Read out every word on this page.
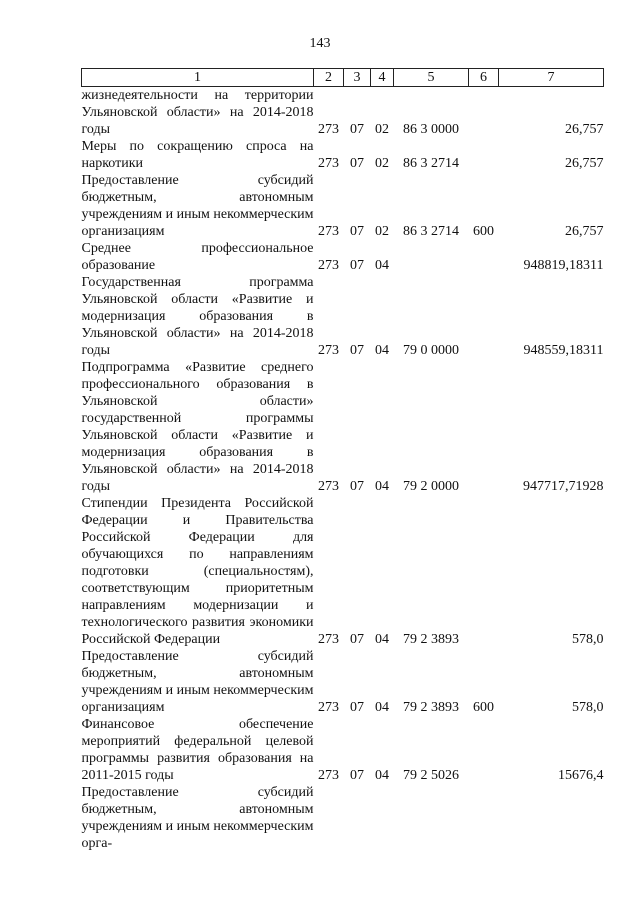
143
1	2	3	4	5	6	7
жизнедеятельности на территории Ульяновской области» на 2014-2018 годы	273	07	02	86 3 0000		26,757
Меры по сокращению спроса на наркотики	273	07	02	86 3 2714		26,757
Предоставление субсидий бюджетным, автономным учреждениям и иным некоммерческим организациям	273	07	02	86 3 2714	600	26,757
Среднее профессиональное образование	273	07	04			948819,18311
Государственная программа Ульяновской области «Развитие и модернизация образования в Ульяновской области» на 2014-2018 годы	273	07	04	79 0 0000		948559,18311
Подпрограмма «Развитие среднего профессионального образования в Ульяновской области» государственной программы Ульяновской области «Развитие и модернизация образования в Ульяновской области» на 2014-2018 годы	273	07	04	79 2 0000		947717,71928
Стипендии Президента Российской Федерации и Правительства Российской Федерации для обучающихся по направлениям подготовки (специальностям), соответствующим приоритетным направлениям модернизации и технологического развития экономики Российской Федерации	273	07	04	79 2 3893		578,0
Предоставление субсидий бюджетным, автономным учреждениям и иным некоммерческим организациям	273	07	04	79 2 3893	600	578,0
Финансовое обеспечение мероприятий федеральной целевой программы развития образования на 2011-2015 годы	273	07	04	79 2 5026		15676,4
Предоставление субсидий бюджетным, автономным учреждениям и иным некоммерческим орга-						
